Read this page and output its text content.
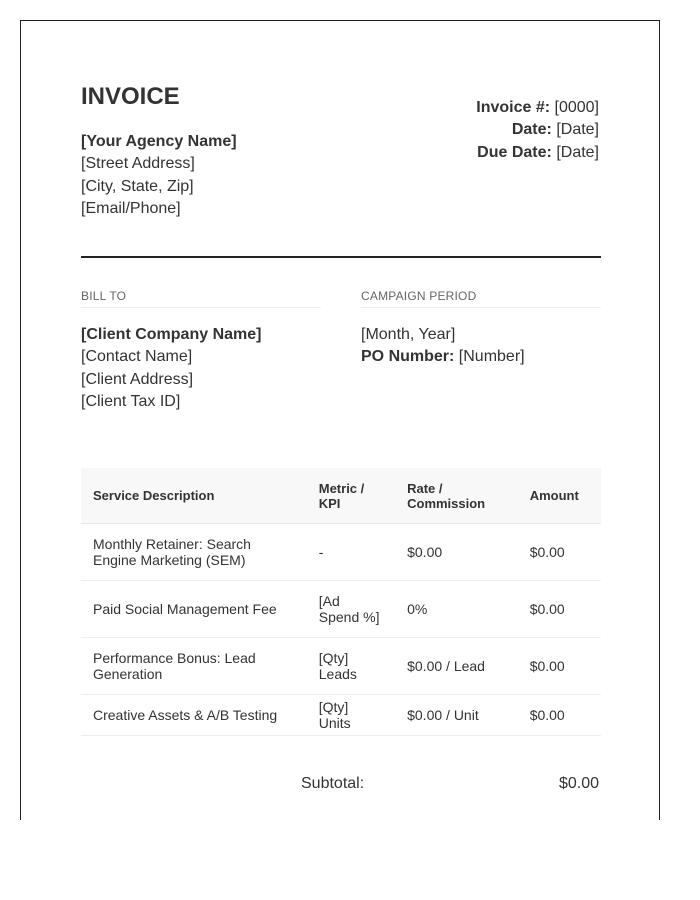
INVOICE
[Your Agency Name]
[Street Address]
[City, State, Zip]
[Email/Phone]
Invoice #: [0000]
Date: [Date]
Due Date: [Date]
BILL TO
[Client Company Name]
[Contact Name]
[Client Address]
[Client Tax ID]
CAMPAIGN PERIOD
[Month, Year]
PO Number: [Number]
Service Description	Metric / KPI	Rate / Commission	Amount
Monthly Retainer: Search Engine Marketing (SEM)	-	$0.00	$0.00
Paid Social Management Fee	[Ad Spend %]	0%	$0.00
Performance Bonus: Lead Generation	[Qty] Leads	$0.00 / Lead	$0.00
Creative Assets & A/B Testing	[Qty] Units	$0.00 / Unit	$0.00
Subtotal:	$0.00
